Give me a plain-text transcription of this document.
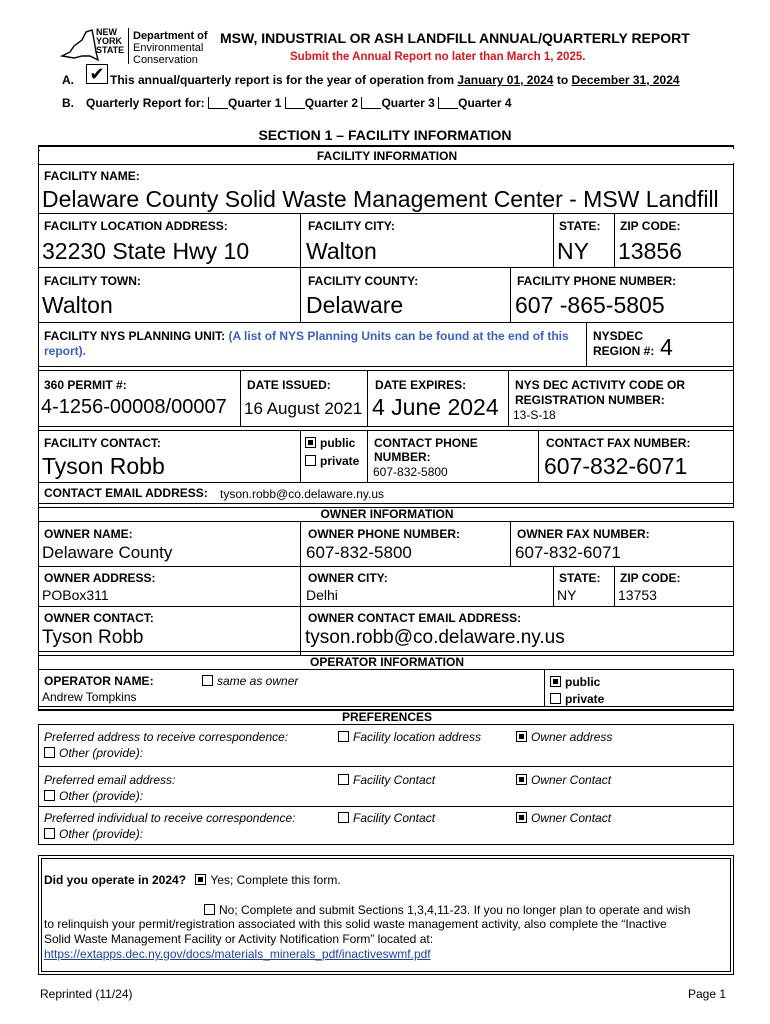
NEW
YORK
STATE
Department of
Environmental
Conservation
MSW, INDUSTRIAL OR ASH LANDFILL ANNUAL/QUARTERLY REPORT
Submit the Annual Report no later than March 1, 2025.
A. ✔ This annual/quarterly report is for the year of operation from January 01, 2024 to December 31, 2024
B. Quarterly Report for: Quarter 1 Quarter 2 Quarter 3 Quarter 4
SECTION 1 – FACILITY INFORMATION
FACILITY INFORMATION
FACILITY NAME:
Delaware County Solid Waste Management Center - MSW Landfill
FACILITY LOCATION ADDRESS:
32230 State Hwy 10
FACILITY CITY:
Walton
STATE:
NY
ZIP CODE:
13856
FACILITY TOWN:
Walton
FACILITY COUNTY:
Delaware
FACILITY PHONE NUMBER:
607 -865-5805
FACILITY NYS PLANNING UNIT: (A list of NYS Planning Units can be found at the end of this report).
NYSDEC
REGION #: 4
360 PERMIT #:
4-1256-00008/00007
DATE ISSUED:
16 August 2021
DATE EXPIRES:
4 June 2024
NYS DEC ACTIVITY CODE OR REGISTRATION NUMBER:
13-S-18
FACILITY CONTACT:
Tyson Robb
public
private
CONTACT PHONE NUMBER:
607-832-5800
CONTACT FAX NUMBER:
607-832-6071
CONTACT EMAIL ADDRESS: tyson.robb@co.delaware.ny.us
OWNER INFORMATION
OWNER NAME:
Delaware County
OWNER PHONE NUMBER:
607-832-5800
OWNER FAX NUMBER:
607-832-6071
OWNER ADDRESS:
POBox311
OWNER CITY:
Delhi
STATE:
NY
ZIP CODE:
13753
OWNER CONTACT:
Tyson Robb
OWNER CONTACT EMAIL ADDRESS:
tyson.robb@co.delaware.ny.us
OPERATOR INFORMATION
OPERATOR NAME:
Andrew Tompkins
same as owner	public
private
PREFERENCES
Preferred address to receive correspondence:
Other (provide):
Facility location address	Owner address
Preferred email address:
Other (provide):
Facility Contact	Owner Contact
Preferred individual to receive correspondence:
Other (provide):
Facility Contact	Owner Contact
Did you operate in 2024? Yes; Complete this form.
No; Complete and submit Sections 1,3,4,11-23. If you no longer plan to operate and wish
to relinquish your permit/registration associated with this solid waste management activity, also complete the “Inactive
Solid Waste Management Facility or Activity Notification Form” located at:
https://extapps.dec.ny.gov/docs/materials_minerals_pdf/inactiveswmf.pdf
Reprinted (11/24)	Page 1
